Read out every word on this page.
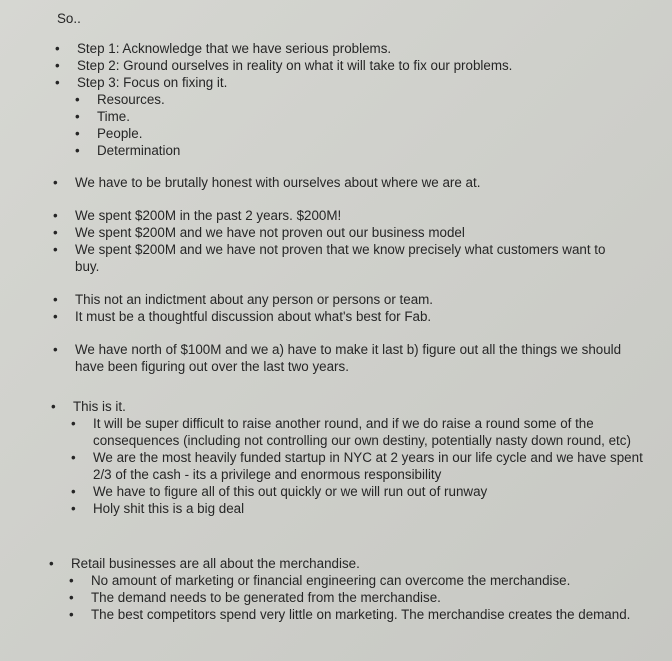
So..
• Step 1: Acknowledge that we have serious problems.
• Step 2: Ground ourselves in reality on what it will take to fix our problems.
• Step 3: Focus on fixing it.
• Resources.
• Time.
• People.
• Determination
• We have to be brutally honest with ourselves about where we are at.
• We spent $200M in the past 2 years. $200M!
• We spent $200M and we have not proven out our business model
• We spent $200M and we have not proven that we know precisely what customers want to buy.
• This not an indictment about any person or persons or team.
• It must be a thoughtful discussion about what's best for Fab.
• We have north of $100M and we a) have to make it last b) figure out all the things we should have been figuring out over the last two years.
• This is it.
• It will be super difficult to raise another round, and if we do raise a round some of the consequences (including not controlling our own destiny, potentially nasty down round, etc)
• We are the most heavily funded startup in NYC at 2 years in our life cycle and we have spent 2/3 of the cash - its a privilege and enormous responsibility
• We have to figure all of this out quickly or we will run out of runway
• Holy shit this is a big deal
• Retail businesses are all about the merchandise.
• No amount of marketing or financial engineering can overcome the merchandise.
• The demand needs to be generated from the merchandise.
• The best competitors spend very little on marketing. The merchandise creates the demand.
